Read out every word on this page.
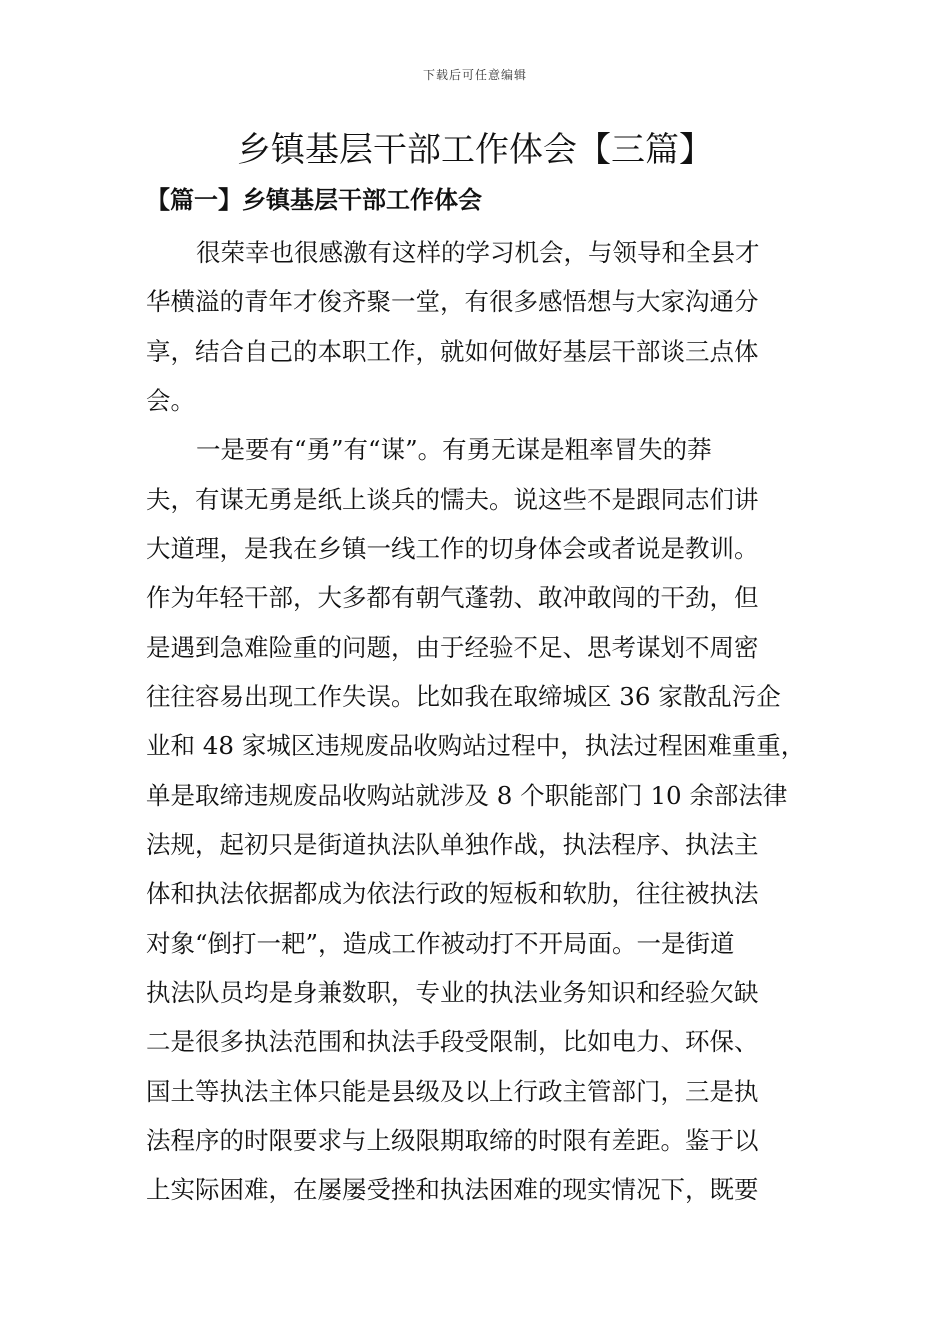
下载后可任意编辑
乡镇基层干部工作体会【三篇】
【篇一】乡镇基层干部工作体会

很荣幸也很感激有这样的学习机会，与领导和全县才

华横溢的青年才俊齐聚一堂，有很多感悟想与大家沟通分

享，结合自己的本职工作，就如何做好基层干部谈三点体

会。

一是要有“勇”有“谋”。有勇无谋是粗率冒失的莽

夫，有谋无勇是纸上谈兵的懦夫。说这些不是跟同志们讲

大道理，是我在乡镇一线工作的切身体会或者说是教训。

作为年轻干部，大多都有朝气蓬勃、敢冲敢闯的干劲，但

是遇到急难险重的问题，由于经验不足、思考谋划不周密

往往容易出现工作失误。比如我在取缔城区 36 家散乱污企

业和 48 家城区违规废品收购站过程中，执法过程困难重重，

单是取缔违规废品收购站就涉及 8 个职能部门 10 余部法律

法规，起初只是街道执法队单独作战，执法程序、执法主

体和执法依据都成为依法行政的短板和软肋，往往被执法

对象“倒打一耙”，造成工作被动打不开局面。一是街道

执法队员均是身兼数职，专业的执法业务知识和经验欠缺

二是很多执法范围和执法手段受限制，比如电力、环保、

国土等执法主体只能是县级及以上行政主管部门，三是执

法程序的时限要求与上级限期取缔的时限有差距。鉴于以

上实际困难，在屡屡受挫和执法困难的现实情况下，既要
